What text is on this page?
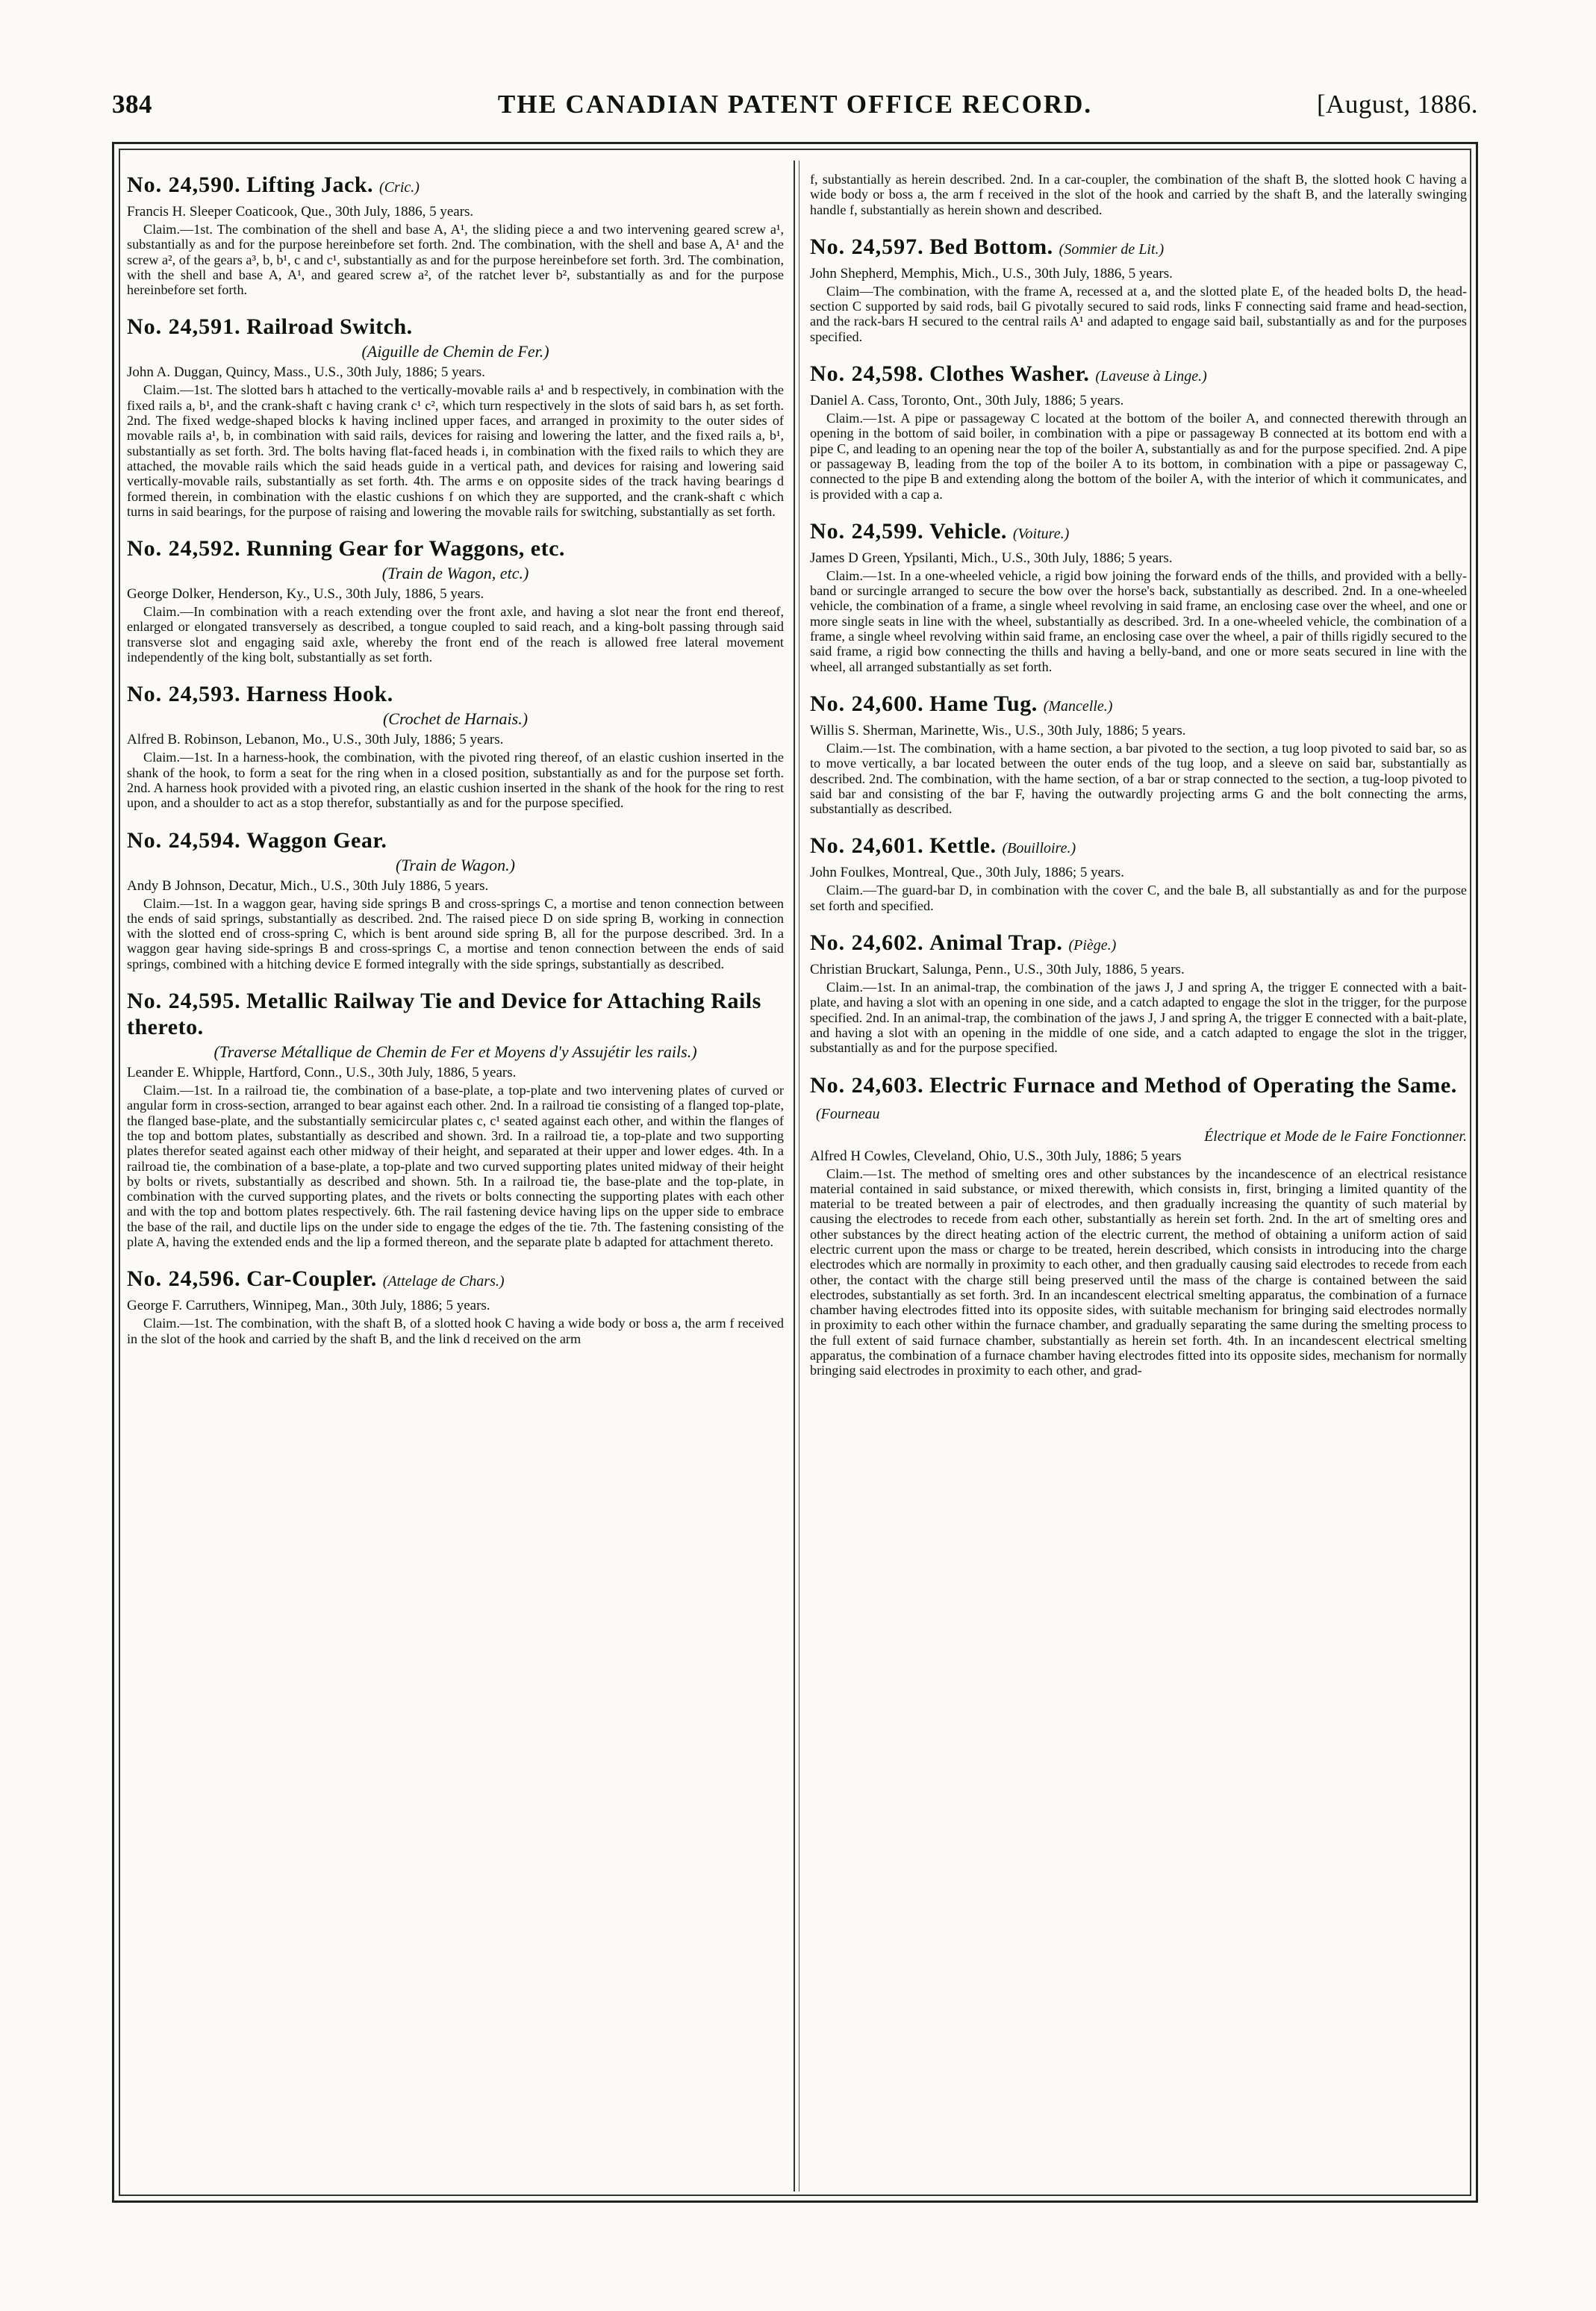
384	THE CANADIAN PATENT OFFICE RECORD.	[August, 1886.
No. 24,590. Lifting Jack. (Cric.)
Francis H. Sleeper Coaticook, Que., 30th July, 1886, 5 years.

Claim.—1st. The combination of the shell and base A, A¹, the sliding piece a and two intervening geared screw a¹, substantially as and for the purpose hereinbefore set forth. 2nd. The combination, with the shell and base A, A¹ and the screw a², of the gears a³, b, b¹, c and c¹, substantially as and for the purpose hereinbefore set forth. 3rd. The combination, with the shell and base A, A¹, and geared screw a², of the ratchet lever b², substantially as and for the purpose hereinbefore set forth.

No. 24,591. Railroad Switch.
(Aiguille de Chemin de Fer.)
John A. Duggan, Quincy, Mass., U.S., 30th July, 1886; 5 years.

Claim.—1st. The slotted bars h attached to the vertically-movable rails a¹ and b respectively, in combination with the fixed rails a, b¹, and the crank-shaft c having crank c¹ c², which turn respectively in the slots of said bars h, as set forth. 2nd. The fixed wedge-shaped blocks k having inclined upper faces, and arranged in proximity to the outer sides of movable rails a¹, b, in combination with said rails, devices for raising and lowering the latter, and the fixed rails a, b¹, substantially as set forth. 3rd. The bolts having flat-faced heads i, in combination with the fixed rails to which they are attached, the movable rails which the said heads guide in a vertical path, and devices for raising and lowering said vertically-movable rails, substantially as set forth. 4th. The arms e on opposite sides of the track having bearings d formed therein, in combination with the elastic cushions f on which they are supported, and the crank-shaft c which turns in said bearings, for the purpose of raising and lowering the movable rails for switching, substantially as set forth.

No. 24,592. Running Gear for Waggons, etc.
(Train de Wagon, etc.)
George Dolker, Henderson, Ky., U.S., 30th July, 1886, 5 years.

Claim.—In combination with a reach extending over the front axle, and having a slot near the front end thereof, enlarged or elongated transversely as described, a tongue coupled to said reach, and a king-bolt passing through said transverse slot and engaging said axle, whereby the front end of the reach is allowed free lateral movement independently of the king bolt, substantially as set forth.

No. 24,593. Harness Hook.
(Crochet de Harnais.)
Alfred B. Robinson, Lebanon, Mo., U.S., 30th July, 1886; 5 years.

Claim.—1st. In a harness-hook, the combination, with the pivoted ring thereof, of an elastic cushion inserted in the shank of the hook, to form a seat for the ring when in a closed position, substantially as and for the purpose set forth. 2nd. A harness hook provided with a pivoted ring, an elastic cushion inserted in the shank of the hook for the ring to rest upon, and a shoulder to act as a stop therefor, substantially as and for the purpose specified.

No. 24,594. Waggon Gear.
(Train de Wagon.)
Andy B Johnson, Decatur, Mich., U.S., 30th July 1886, 5 years.

Claim.—1st. In a waggon gear, having side springs B and cross-springs C, a mortise and tenon connection between the ends of said springs, substantially as described. 2nd. The raised piece D on side spring B, working in connection with the slotted end of cross-spring C, which is bent around side spring B, all for the purpose described. 3rd. In a waggon gear having side-springs B and cross-springs C, a mortise and tenon connection between the ends of said springs, combined with a hitching device E formed integrally with the side springs, substantially as described.

No. 24,595. Metallic Railway Tie and Device for Attaching Rails thereto.
(Traverse Métallique de Chemin de Fer et Moyens d'y Assujétir les rails.)
Leander E. Whipple, Hartford, Conn., U.S., 30th July, 1886, 5 years.

Claim.—1st. In a railroad tie, the combination of a base-plate, a top-plate and two intervening plates of curved or angular form in cross-section, arranged to bear against each other. 2nd. In a railroad tie consisting of a flanged top-plate, the flanged base-plate, and the substantially semicircular plates c, c¹ seated against each other, and within the flanges of the top and bottom plates, substantially as described and shown. 3rd. In a railroad tie, a top-plate and two supporting plates therefor seated against each other midway of their height, and separated at their upper and lower edges. 4th. In a railroad tie, the combination of a base-plate, a top-plate and two curved supporting plates united midway of their height by bolts or rivets, substantially as described and shown. 5th. In a railroad tie, the base-plate and the top-plate, in combination with the curved supporting plates, and the rivets or bolts connecting the supporting plates with each other and with the top and bottom plates respectively. 6th. The rail fastening device having lips on the upper side to embrace the base of the rail, and ductile lips on the under side to engage the edges of the tie. 7th. The fastening consisting of the plate A, having the extended ends and the lip a formed thereon, and the separate plate b adapted for attachment thereto.

No. 24,596. Car-Coupler. (Attelage de Chars.)
George F. Carruthers, Winnipeg, Man., 30th July, 1886; 5 years.

Claim.—1st. The combination, with the shaft B, of a slotted hook C having a wide body or boss a, the arm f received in the slot of the hook and carried by the shaft B, and the link d received on the arm

f, substantially as herein described. 2nd. In a car-coupler, the combination of the shaft B, the slotted hook C having a wide body or boss a, the arm f received in the slot of the hook and carried by the shaft B, and the laterally swinging handle f, substantially as herein shown and described.

No. 24,597. Bed Bottom. (Sommier de Lit.)
John Shepherd, Memphis, Mich., U.S., 30th July, 1886, 5 years.

Claim—The combination, with the frame A, recessed at a, and the slotted plate E, of the headed bolts D, the head-section C supported by said rods, bail G pivotally secured to said rods, links F connecting said frame and head-section, and the rack-bars H secured to the central rails A¹ and adapted to engage said bail, substantially as and for the purposes specified.

No. 24,598. Clothes Washer. (Laveuse à Linge.)
Daniel A. Cass, Toronto, Ont., 30th July, 1886; 5 years.

Claim.—1st. A pipe or passageway C located at the bottom of the boiler A, and connected therewith through an opening in the bottom of said boiler, in combination with a pipe or passageway B connected at its bottom end with a pipe C, and leading to an opening near the top of the boiler A, substantially as and for the purpose specified. 2nd. A pipe or passageway B, leading from the top of the boiler A to its bottom, in combination with a pipe or passageway C, connected to the pipe B and extending along the bottom of the boiler A, with the interior of which it communicates, and is provided with a cap a.

No. 24,599. Vehicle. (Voiture.)
James D Green, Ypsilanti, Mich., U.S., 30th July, 1886; 5 years.

Claim.—1st. In a one-wheeled vehicle, a rigid bow joining the forward ends of the thills, and provided with a belly-band or surcingle arranged to secure the bow over the horse's back, substantially as described. 2nd. In a one-wheeled vehicle, the combination of a frame, a single wheel revolving in said frame, an enclosing case over the wheel, and one or more single seats in line with the wheel, substantially as described. 3rd. In a one-wheeled vehicle, the combination of a frame, a single wheel revolving within said frame, an enclosing case over the wheel, a pair of thills rigidly secured to the said frame, a rigid bow connecting the thills and having a belly-band, and one or more seats secured in line with the wheel, all arranged substantially as set forth.

No. 24,600. Hame Tug. (Mancelle.)
Willis S. Sherman, Marinette, Wis., U.S., 30th July, 1886; 5 years.

Claim.—1st. The combination, with a hame section, a bar pivoted to the section, a tug loop pivoted to said bar, so as to move vertically, a bar located between the outer ends of the tug loop, and a sleeve on said bar, substantially as described. 2nd. The combination, with the hame section, of a bar or strap connected to the section, a tug-loop pivoted to said bar and consisting of the bar F, having the outwardly projecting arms G and the bolt connecting the arms, substantially as described.

No. 24,601. Kettle. (Bouilloire.)
John Foulkes, Montreal, Que., 30th July, 1886; 5 years.

Claim.—The guard-bar D, in combination with the cover C, and the bale B, all substantially as and for the purpose set forth and specified.

No. 24,602. Animal Trap. (Piège.)
Christian Bruckart, Salunga, Penn., U.S., 30th July, 1886, 5 years.

Claim.—1st. In an animal-trap, the combination of the jaws J, J and spring A, the trigger E connected with a bait-plate, and having a slot with an opening in one side, and a catch adapted to engage the slot in the trigger, for the purpose specified. 2nd. In an animal-trap, the combination of the jaws J, J and spring A, the trigger E connected with a bait-plate, and having a slot with an opening in the middle of one side, and a catch adapted to engage the slot in the trigger, substantially as and for the purpose specified.

No. 24,603. Electric Furnace and Method of Operating the Same.(Fourneau
Électrique et Mode de le Faire Fonctionner.
Alfred H Cowles, Cleveland, Ohio, U.S., 30th July, 1886; 5 years

Claim.—1st. The method of smelting ores and other substances by the incandescence of an electrical resistance material contained in said substance, or mixed therewith, which consists in, first, bringing a limited quantity of the material to be treated between a pair of electrodes, and then gradually increasing the quantity of such material by causing the electrodes to recede from each other, substantially as herein set forth. 2nd. In the art of smelting ores and other substances by the direct heating action of the electric current, the method of obtaining a uniform action of said electric current upon the mass or charge to be treated, herein described, which consists in introducing into the charge electrodes which are normally in proximity to each other, and then gradually causing said electrodes to recede from each other, the contact with the charge still being preserved until the mass of the charge is contained between the said electrodes, substantially as set forth. 3rd. In an incandescent electrical smelting apparatus, the combination of a furnace chamber having electrodes fitted into its opposite sides, with suitable mechanism for bringing said electrodes normally in proximity to each other within the furnace chamber, and gradually separating the same during the smelting process to the full extent of said furnace chamber, substantially as herein set forth. 4th. In an incandescent electrical smelting apparatus, the combination of a furnace chamber having electrodes fitted into its opposite sides, mechanism for normally bringing said electrodes in proximity to each other, and grad-
